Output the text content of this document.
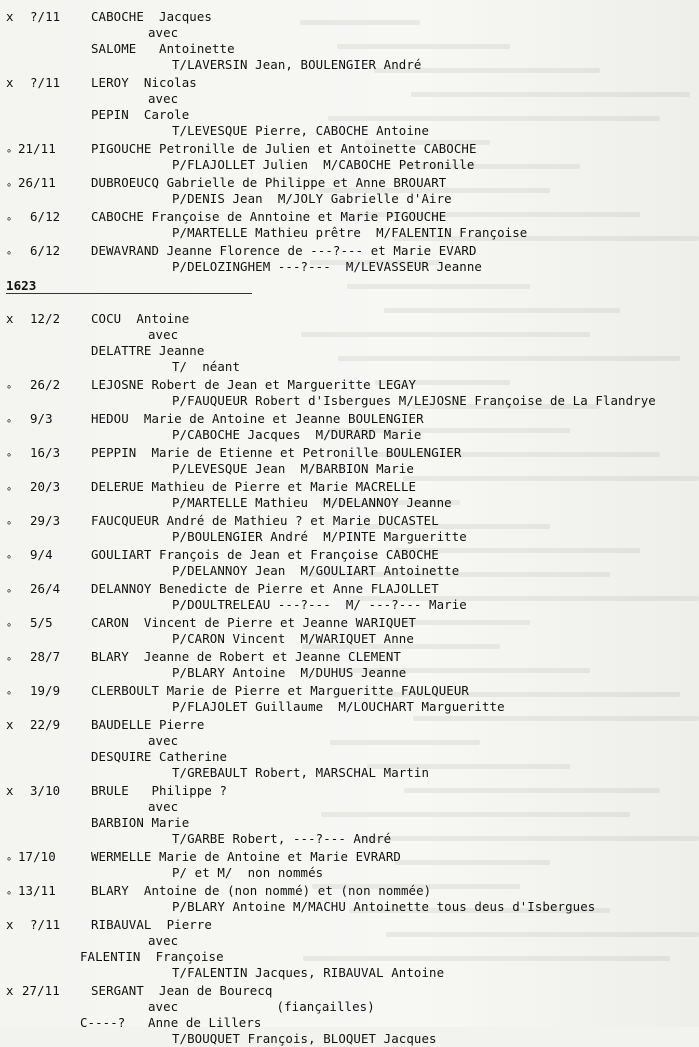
1623
x ?/11 CABOCHE  Jacques
avec
SALOME   Antoinette
T/LAVERSIN Jean, BOULENGIER André
x ?/11 LEROY  Nicolas
avec
PEPIN  Carole
T/LEVESQUE Pierre, CABOCHE Antoine
∘ 21/11	PIGOUCHE Petronille de Julien et Antoinette CABOCHE
P/FLAJOLLET Julien  M/CABOCHE Petronille
∘ 26/11	DUBROEUCQ Gabrielle de Philippe et Anne BROUART
P/DENIS Jean  M/JOLY Gabrielle d'Aire
∘ 6/12 CABOCHE Françoise de Anntoine et Marie PIGOUCHE
P/MARTELLE Mathieu prêtre  M/FALENTIN Françoise
∘ 6/12 DEWAVRAND Jeanne Florence de ---?--- et Marie EVARD
P/DELOZINGHEM ---?---  M/LEVASSEUR Jeanne
x 12/2 COCU  Antoine
avec
DELATTRE Jeanne
T/  néant
∘ 26/2 LEJOSNE Robert de Jean et Margueritte LEGAY
P/FAUQUEUR Robert d'Isbergues M/LEJOSNE Françoise de La Flandrye
∘ 9/3	HEDOU  Marie de Antoine et Jeanne BOULENGIER
P/CABOCHE Jacques  M/DURARD Marie
∘ 16/3 PEPPIN  Marie de Etienne et Petronille BOULENGIER
P/LEVESQUE Jean  M/BARBION Marie
∘ 20/3 DELERUE Mathieu de Pierre et Marie MACRELLE
P/MARTELLE Mathieu  M/DELANNOY Jeanne
∘ 29/3 FAUCQUEUR André de Mathieu ? et Marie DUCASTEL
P/BOULENGIER André  M/PINTE Margueritte
∘ 9/4	GOULIART François de Jean et Françoise CABOCHE
P/DELANNOY Jean  M/GOULIART Antoinette
∘ 26/4 DELANNOY Benedicte de Pierre et Anne FLAJOLLET
P/DOULTRELEAU ---?---  M/ ---?--- Marie
∘ 5/5	CARON  Vincent de Pierre et Jeanne WARIQUET
P/CARON Vincent  M/WARIQUET Anne
∘ 28/7 BLARY  Jeanne de Robert et Jeanne CLEMENT
P/BLARY Antoine  M/DUHUS Jeanne
∘ 19/9 CLERBOULT Marie de Pierre et Margueritte FAULQUEUR
P/FLAJOLET Guillaume  M/LOUCHART Margueritte
x 22/9 BAUDELLE Pierre
avec
DESQUIRE Catherine
T/GREBAULT Robert, MARSCHAL Martin
x 3/10 BRULE   Philippe ?
avec
BARBION Marie
T/GARBE Robert, ---?--- André
∘ 17/10	WERMELLE Marie de Antoine et Marie EVRARD
P/ et M/  non nommés
∘ 13/11	BLARY  Antoine de (non nommé) et (non nommée)
P/BLARY Antoine M/MACHU Antoinette tous deus d'Isbergues
x ?/11 RIBAUVAL  Pierre
avec
FALENTIN  Françoise
T/FALENTIN Jacques, RIBAUVAL Antoine
x 27/11	SERGANT  Jean de Bourecq
avec             (fiançailles)
C----?   Anne de Lillers
T/BOUQUET François, BLOQUET Jacques
